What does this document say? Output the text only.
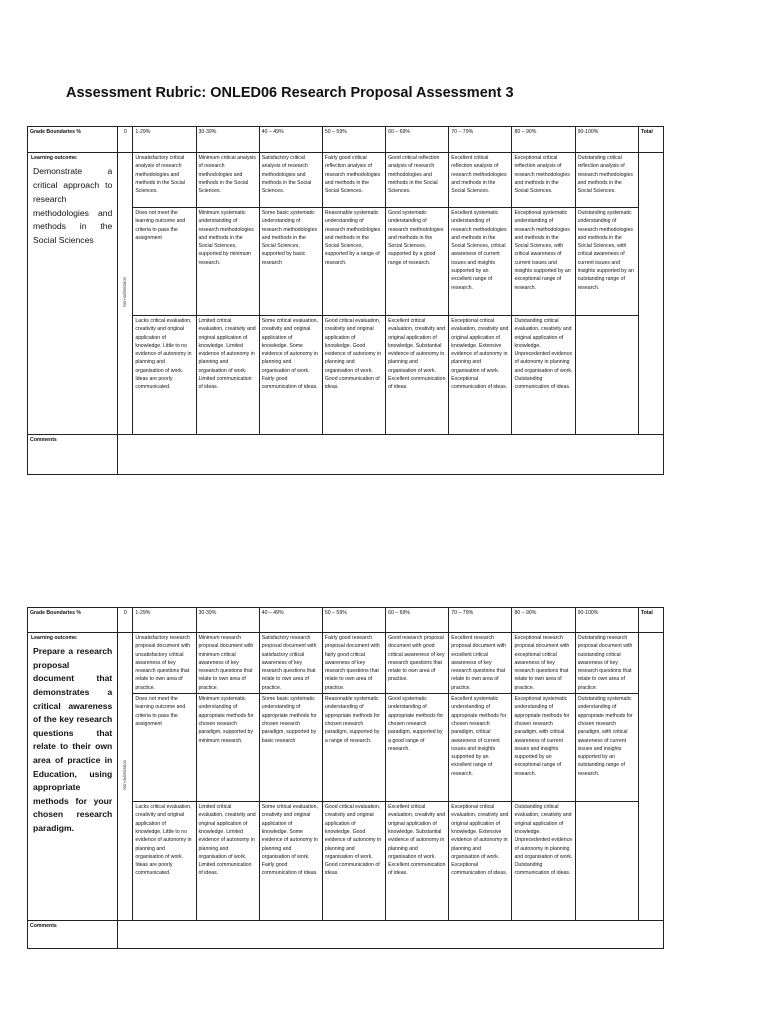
Assessment Rubric: ONLED06 Research Proposal Assessment 3
Grade Boundaries %	0	1-29%	30-39%	40 – 49%	50 – 59%	60 – 69%	70 – 79%	80 – 90%	90-100%	Total

Learning outcome:
Demonstrate a critical approach to research methodologies and methods in the Social Sciences	Non-submission	Unsatisfactory critical analysis of research methodologies and methods in the Social Sciences.	Minimum critical analysis of research methodologies and methods in the Social Sciences.	Satisfactory critical analysis of research methodologies and methods in the Social Sciences.	Fairly good critical reflection analysis of research methodologies and methods in the Social Sciences.	Good critical reflection analysis of research methodologies and methods in the Social Sciences.	Excellent critical reflection analysis of research methodologies and methods in the Social Sciences.	Exceptional critical reflection analysis of research methodologies and methods in the Social Sciences.	Outstanding critical reflection analysis of research methodologies and methods in the Social Sciences.	
		Does not meet the learning outcome and criteria to pass the assignment	Minimum systematic understanding of research methodologies and methods in the Social Sciences, supported by minimum research.	Some basic systematic understanding of research methodologies and methods in the Social Sciences, supported by basic research	Reasonable systematic understanding of research methodologies and methods in the Social Sciences, supported by a range of research.	Good systematic understanding of research methodologies and methods in the Social Sciences, supported by a good range of research.	Excellent systematic understanding of research methodologies and methods in the Social Sciences, critical awareness of current issues and insights supported by an excellent range of research.	Exceptional systematic understanding of research methodologies and methods in the Social Sciences, with critical awareness of current issues and insights supported by an exceptional range of research.	Outstanding systematic understanding of research methodologies and methods in the Social Sciences, with critical awareness of current issues and insights supported by an outstanding range of research.	
		Lacks critical evaluation, creativity and original application of knowledge. Little to no evidence of autonomy in planning and organisation of work. Ideas are poorly communicated.	Limited critical evaluation, creativity and original application of knowledge. Limited evidence of autonomy in planning and organisation of work. Limited communication of ideas.	Some critical evaluation, creativity and original application of knowledge. Some evidence of autonomy in planning and organisation of work. Fairly good communication of ideas.	Good critical evaluation, creativity and original application of knowledge. Good evidence of autonomy in planning and organisation of work. Good communication of ideas.	Excellent critical evaluation, creativity and original application of knowledge. Substantial evidence of autonomy in planning and organisation of work. Excellent communication of ideas.	Exceptional critical evaluation, creativity and original application of knowledge. Extensive evidence of autonomy in planning and organisation of work. Exceptional communication of ideas.	Outstanding critical evaluation, creativity and original application of knowledge. Unprecedented evidence of autonomy in planning and organisation of work. Outstanding communication of ideas.		
Comments										
Grade Boundaries %	0	1-29%	30-39%	40 – 49%	50 – 59%	60 – 69%	70 – 79%	80 – 90%	90-100%	Total

Learning outcome:
Prepare a research proposal document that demonstrates a critical awareness of the key research questions that relate to their own area of practice in Education, using appropriate methods for your chosen research paradigm.	Non-submission	Unsatisfactory research proposal document with unsatisfactory critical awareness of key research questions that relate to own area of practice.	Minimum research proposal document with minimum critical awareness of key research questions that relate to own area of practice.	Satisfactory research proposal document with satisfactory critical awareness of key research questions that relate to own area of practice.	Fairly good research proposal document with fairly good critical awareness of key research questions that relate to own area of practice.	Good research proposal document with good critical awareness of key research questions that relate to own area of practice.	Excellent research proposal document with excellent critical awareness of key research questions that relate to own area of practice.	Exceptional research proposal document with exceptional critical awareness of key research questions that relate to own area of practice.	Outstanding research proposal document with outstanding critical awareness of key research questions that relate to own area of practice.	
		Does not meet the learning outcome and criteria to pass the assignment	Minimum systematic understanding of appropriate methods for chosen research paradigm, supported by minimum research.	Some basic systematic understanding of appropriate methods for chosen research paradigm, supported by basic research	Reasonable systematic understanding of appropriate methods for chosen research paradigm, supported by a range of research.	Good systematic understanding of appropriate methods for chosen research paradigm, supported by a good range of research.	Excellent systematic understanding of appropriate methods for chosen research paradigm, critical awareness of current issues and insights supported by an excellent range of research.	Exceptional systematic understanding of appropriate methods for chosen research paradigm, with critical awareness of current issues and insights supported by an exceptional range of research.	Outstanding systematic understanding of appropriate methods for chosen research paradigm, with critical awareness of current issues and insights supported by an outstanding range of research.	
		Lacks critical evaluation, creativity and original application of knowledge. Little to no evidence of autonomy in planning and organisation of work. Ideas are poorly communicated.	Limited critical evaluation, creativity and original application of knowledge. Limited evidence of autonomy in planning and organisation of work. Limited communication of ideas.	Some critical evaluation, creativity and original application of knowledge. Some evidence of autonomy in planning and organisation of work. Fairly good communication of ideas.	Good critical evaluation, creativity and original application of knowledge. Good evidence of autonomy in planning and organisation of work. Good communication of ideas.	Excellent critical evaluation, creativity and original application of knowledge. Substantial evidence of autonomy in planning and organisation of work. Excellent communication of ideas.	Exceptional critical evaluation, creativity and original application of knowledge. Extensive evidence of autonomy in planning and organisation of work. Exceptional communication of ideas.	Outstanding critical evaluation, creativity and original application of knowledge. Unprecedented evidence of autonomy in planning and organisation of work. Outstanding communication of ideas.		
Comments										
